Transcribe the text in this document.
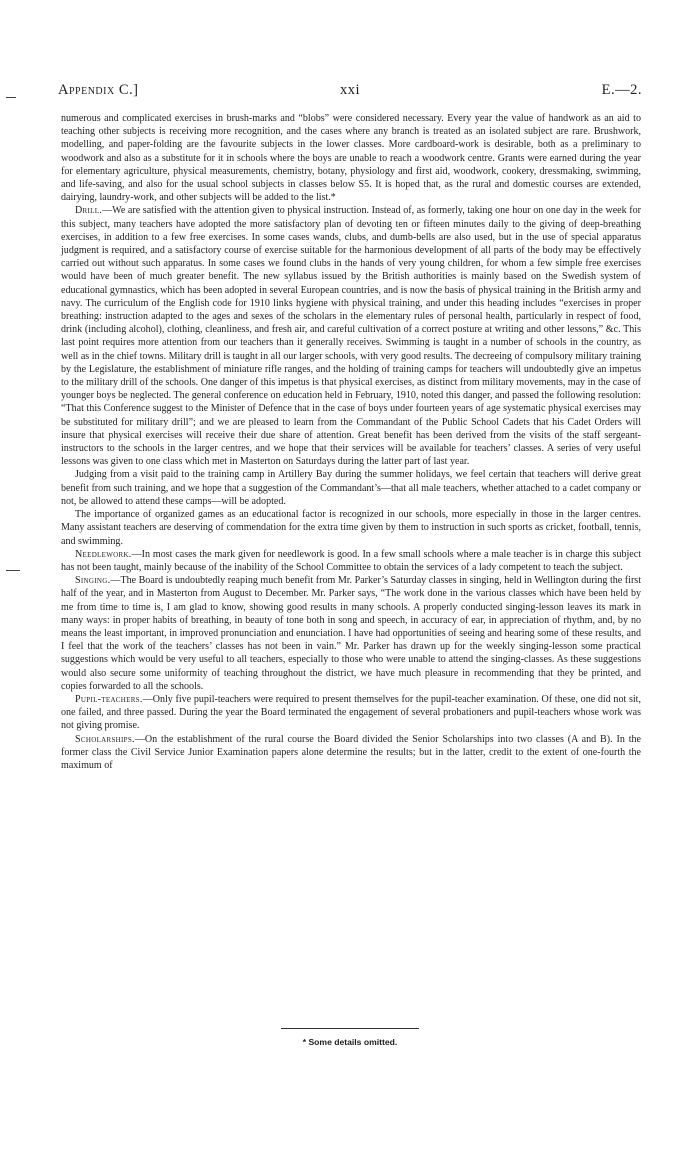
Appendix C.]	xxi	E.—2.

numerous and complicated exercises in brush-marks and “blobs” were considered necessary. Every year the value of handwork as an aid to teaching other subjects is receiving more recognition, and the cases where any branch is treated as an isolated subject are rare. Brushwork, modelling, and paper-folding are the favourite subjects in the lower classes. More cardboard-work is desirable, both as a preliminary to woodwork and also as a substitute for it in schools where the boys are unable to reach a woodwork centre. Grants were earned during the year for elementary agriculture, physical measurements, chemistry, botany, physiology and first aid, woodwork, cookery, dressmaking, swimming, and life-saving, and also for the usual school subjects in classes below S5. It is hoped that, as the rural and domestic courses are extended, dairying, laundry-work, and other subjects will be added to the list.*

Drill.—We are satisfied with the attention given to physical instruction. Instead of, as formerly, taking one hour on one day in the week for this subject, many teachers have adopted the more satisfactory plan of devoting ten or fifteen minutes daily to the giving of deep-breathing exercises, in addition to a few free exercises. In some cases wands, clubs, and dumb-bells are also used, but in the use of special apparatus judgment is required, and a satisfactory course of exercise suitable for the harmonious development of all parts of the body may be effectively carried out without such apparatus. In some cases we found clubs in the hands of very young children, for whom a few simple free exercises would have been of much greater benefit. The new syllabus issued by the British authorities is mainly based on the Swedish system of educational gymnastics, which has been adopted in several European countries, and is now the basis of physical training in the British army and navy. The curriculum of the English code for 1910 links hygiene with physical training, and under this heading includes “exercises in proper breathing: instruction adapted to the ages and sexes of the scholars in the elementary rules of personal health, particularly in respect of food, drink (including alcohol), clothing, cleanliness, and fresh air, and careful cultivation of a correct posture at writing and other lessons,” &c. This last point requires more attention from our teachers than it generally receives. Swimming is taught in a number of schools in the country, as well as in the chief towns. Military drill is taught in all our larger schools, with very good results. The decreeing of compulsory military training by the Legislature, the establishment of miniature rifle ranges, and the holding of training camps for teachers will undoubtedly give an impetus to the military drill of the schools. One danger of this impetus is that physical exercises, as distinct from military movements, may in the case of younger boys be neglected. The general conference on education held in February, 1910, noted this danger, and passed the following resolution: “That this Conference suggest to the Minister of Defence that in the case of boys under fourteen years of age systematic physical exercises may be substituted for military drill”; and we are pleased to learn from the Commandant of the Public School Cadets that his Cadet Orders will insure that physical exercises will receive their due share of attention. Great benefit has been derived from the visits of the staff sergeant-instructors to the schools in the larger centres, and we hope that their services will be available for teachers’ classes. A series of very useful lessons was given to one class which met in Masterton on Saturdays during the latter part of last year.

Judging from a visit paid to the training camp in Artillery Bay during the summer holidays, we feel certain that teachers will derive great benefit from such training, and we hope that a suggestion of the Commandant’s—that all male teachers, whether attached to a cadet company or not, be allowed to attend these camps—will be adopted.

The importance of organized games as an educational factor is recognized in our schools, more especially in those in the larger centres. Many assistant teachers are deserving of commendation for the extra time given by them to instruction in such sports as cricket, football, tennis, and swimming.

Needlework.—In most cases the mark given for needlework is good. In a few small schools where a male teacher is in charge this subject has not been taught, mainly because of the inability of the School Committee to obtain the services of a lady competent to teach the subject.

Singing.—The Board is undoubtedly reaping much benefit from Mr. Parker’s Saturday classes in singing, held in Wellington during the first half of the year, and in Masterton from August to December. Mr. Parker says, “The work done in the various classes which have been held by me from time to time is, I am glad to know, showing good results in many schools. A properly conducted singing-lesson leaves its mark in many ways: in proper habits of breathing, in beauty of tone both in song and speech, in accuracy of ear, in appreciation of rhythm, and, by no means the least important, in improved pronunciation and enunciation. I have had opportunities of seeing and hearing some of these results, and I feel that the work of the teachers’ classes has not been in vain.” Mr. Parker has drawn up for the weekly singing-lesson some practical suggestions which would be very useful to all teachers, especially to those who were unable to attend the singing-classes. As these suggestions would also secure some uniformity of teaching throughout the district, we have much pleasure in recommending that they be printed, and copies forwarded to all the schools.

Pupil-teachers.—Only five pupil-teachers were required to present themselves for the pupil-teacher examination. Of these, one did not sit, one failed, and three passed. During the year the Board terminated the engagement of several probationers and pupil-teachers whose work was not giving promise.

Scholarships.—On the establishment of the rural course the Board divided the Senior Scholarships into two classes (A and B). In the former class the Civil Service Junior Examination papers alone determine the results; but in the latter, credit to the extent of one-fourth the maximum of

* Some details omitted.
